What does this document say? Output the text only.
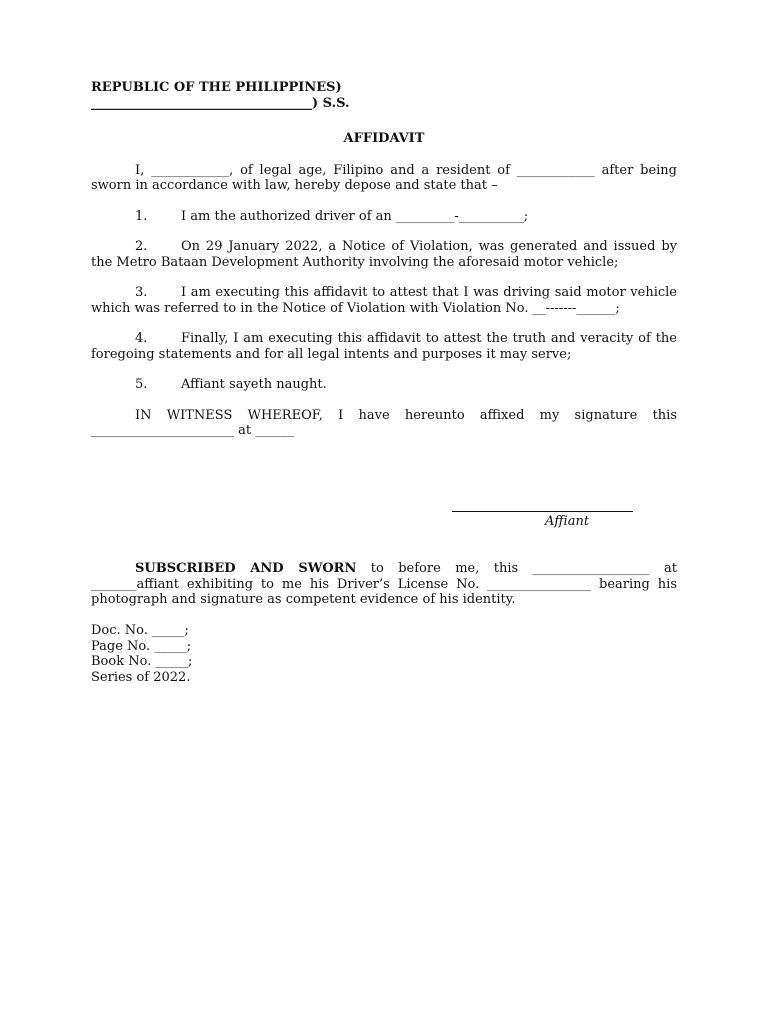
REPUBLIC OF THE PHILIPPINES)
__________________________________) S.S.
AFFIDAVIT

I, ____________, of legal age, Filipino and a resident of ____________ after being sworn in accordance with law, hereby depose and state that –

1.	I am the authorized driver of an _________-__________;

2.	On 29 January 2022, a Notice of Violation, was generated and issued by the Metro Bataan Development Authority involving the aforesaid motor vehicle;

3.	I am executing this affidavit to attest that I was driving said motor vehicle which was referred to in the Notice of Violation with Violation No. __-------______;

4.	Finally, I am executing this affidavit to attest the truth and veracity of the foregoing statements and for all legal intents and purposes it may serve;

5.	Affiant sayeth naught.

IN WITNESS WHEREOF, I have hereunto affixed my signature this ______________________ at ______

Affiant

SUBSCRIBED AND SWORN to before me, this __________________ at _______affiant exhibiting to me his Driver’s License No. ________________ bearing his photograph and signature as competent evidence of his identity.

Doc. No. _____;
Page No. _____;
Book No. _____;
Series of 2022.
